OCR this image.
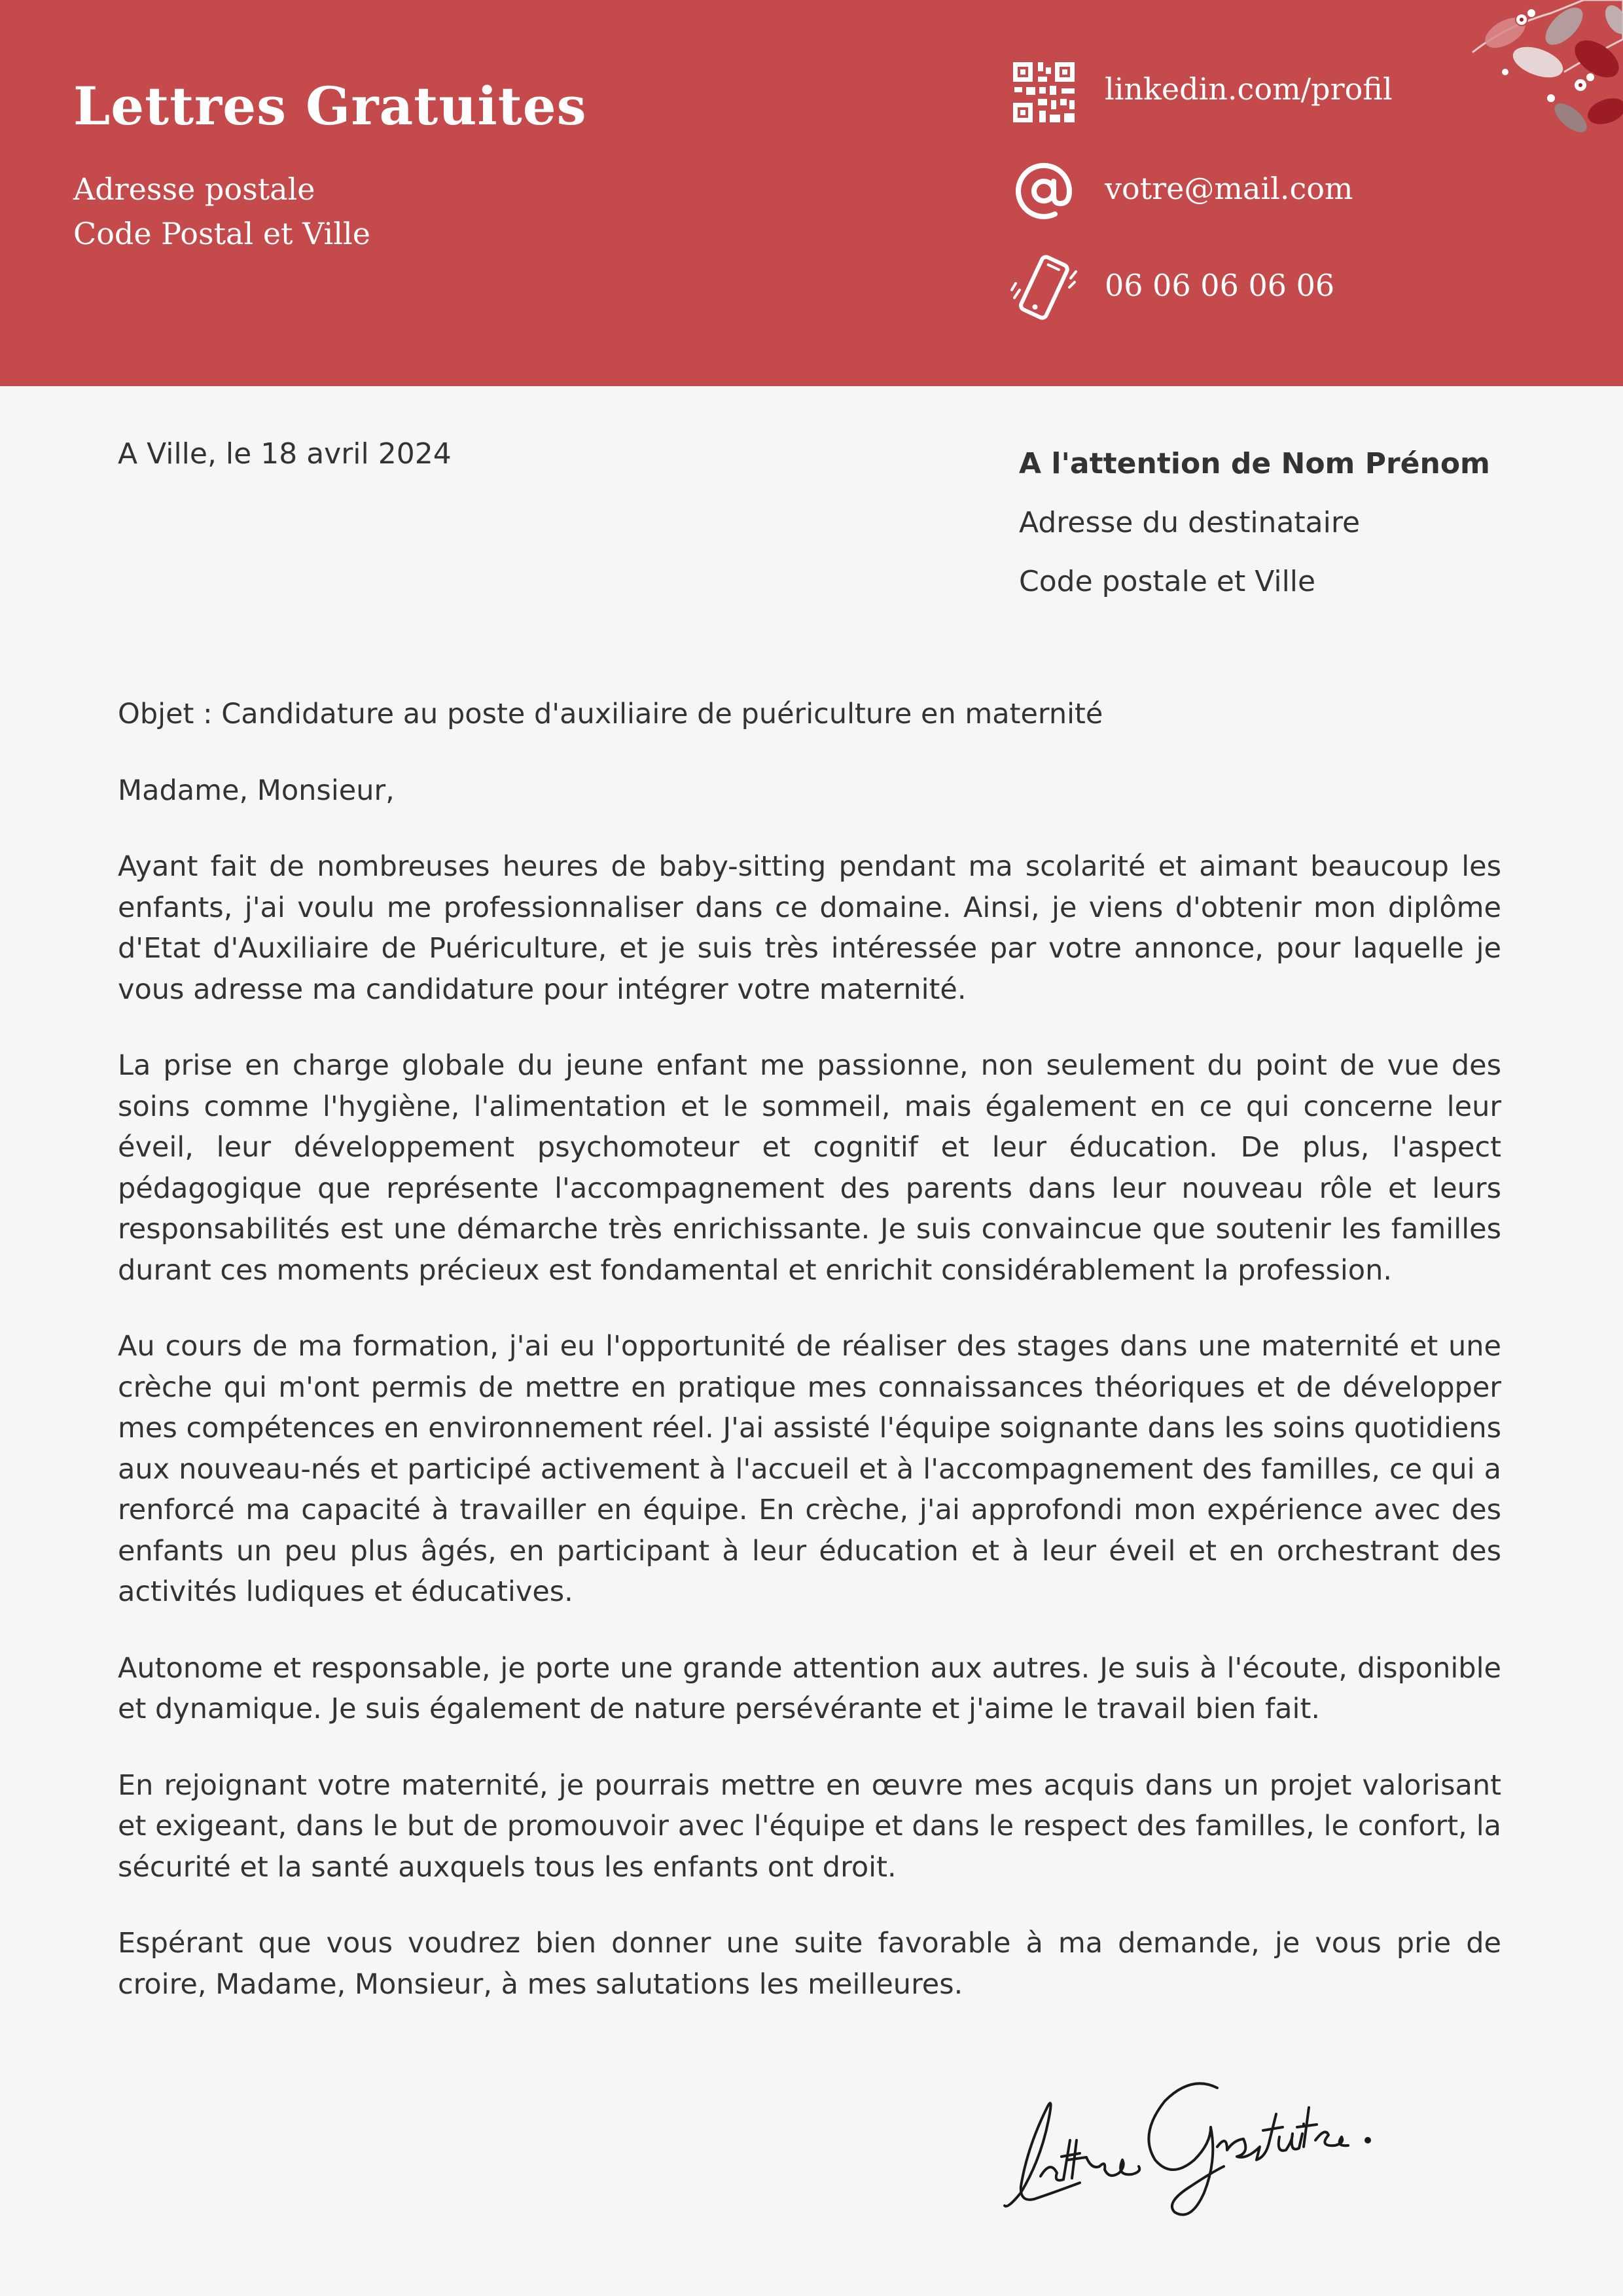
Lettres Gratuites
Adresse postale
Code Postal et Ville
linkedin.com/profil
votre@mail.com
06 06 06 06 06
A Ville, le 18 avril 2024	A l'attention de Nom Prénom
Adresse du destinataire
Code postale et Ville

Objet : Candidature au poste d'auxiliaire de puériculture en maternité

Madame, Monsieur,

Ayant fait de nombreuses heures de baby-sitting pendant ma scolarité et aimant beaucoup les enfants, j'ai voulu me professionnaliser dans ce domaine. Ainsi, je viens d'obtenir mon diplôme d'Etat d'Auxiliaire de Puériculture, et je suis très intéressée par votre annonce, pour laquelle je vous adresse ma candidature pour intégrer votre maternité.

La prise en charge globale du jeune enfant me passionne, non seulement du point de vue des soins comme l'hygiène, l'alimentation et le sommeil, mais également en ce qui concerne leur éveil, leur développement psychomoteur et cognitif et leur éducation. De plus, l'aspect pédagogique que représente l'accompagnement des parents dans leur nouveau rôle et leurs responsabilités est une démarche très enrichissante. Je suis convaincue que soutenir les familles durant ces moments précieux est fondamental et enrichit considérablement la profession.

Au cours de ma formation, j'ai eu l'opportunité de réaliser des stages dans une maternité et une crèche qui m'ont permis de mettre en pratique mes connaissances théoriques et de développer mes compétences en environnement réel. J'ai assisté l'équipe soignante dans les soins quotidiens aux nouveau-nés et participé activement à l'accueil et à l'accompagnement des familles, ce qui a renforcé ma capacité à travailler en équipe. En crèche, j'ai approfondi mon expérience avec des enfants un peu plus âgés, en participant à leur éducation et à leur éveil et en orchestrant des activités ludiques et éducatives.

Autonome et responsable, je porte une grande attention aux autres. Je suis à l'écoute, disponible et dynamique. Je suis également de nature persévérante et j'aime le travail bien fait.

En rejoignant votre maternité, je pourrais mettre en œuvre mes acquis dans un projet valorisant et exigeant, dans le but de promouvoir avec l'équipe et dans le respect des familles, le confort, la sécurité et la santé auxquels tous les enfants ont droit.

Espérant que vous voudrez bien donner une suite favorable à ma demande, je vous prie de croire, Madame, Monsieur, à mes salutations les meilleures.
